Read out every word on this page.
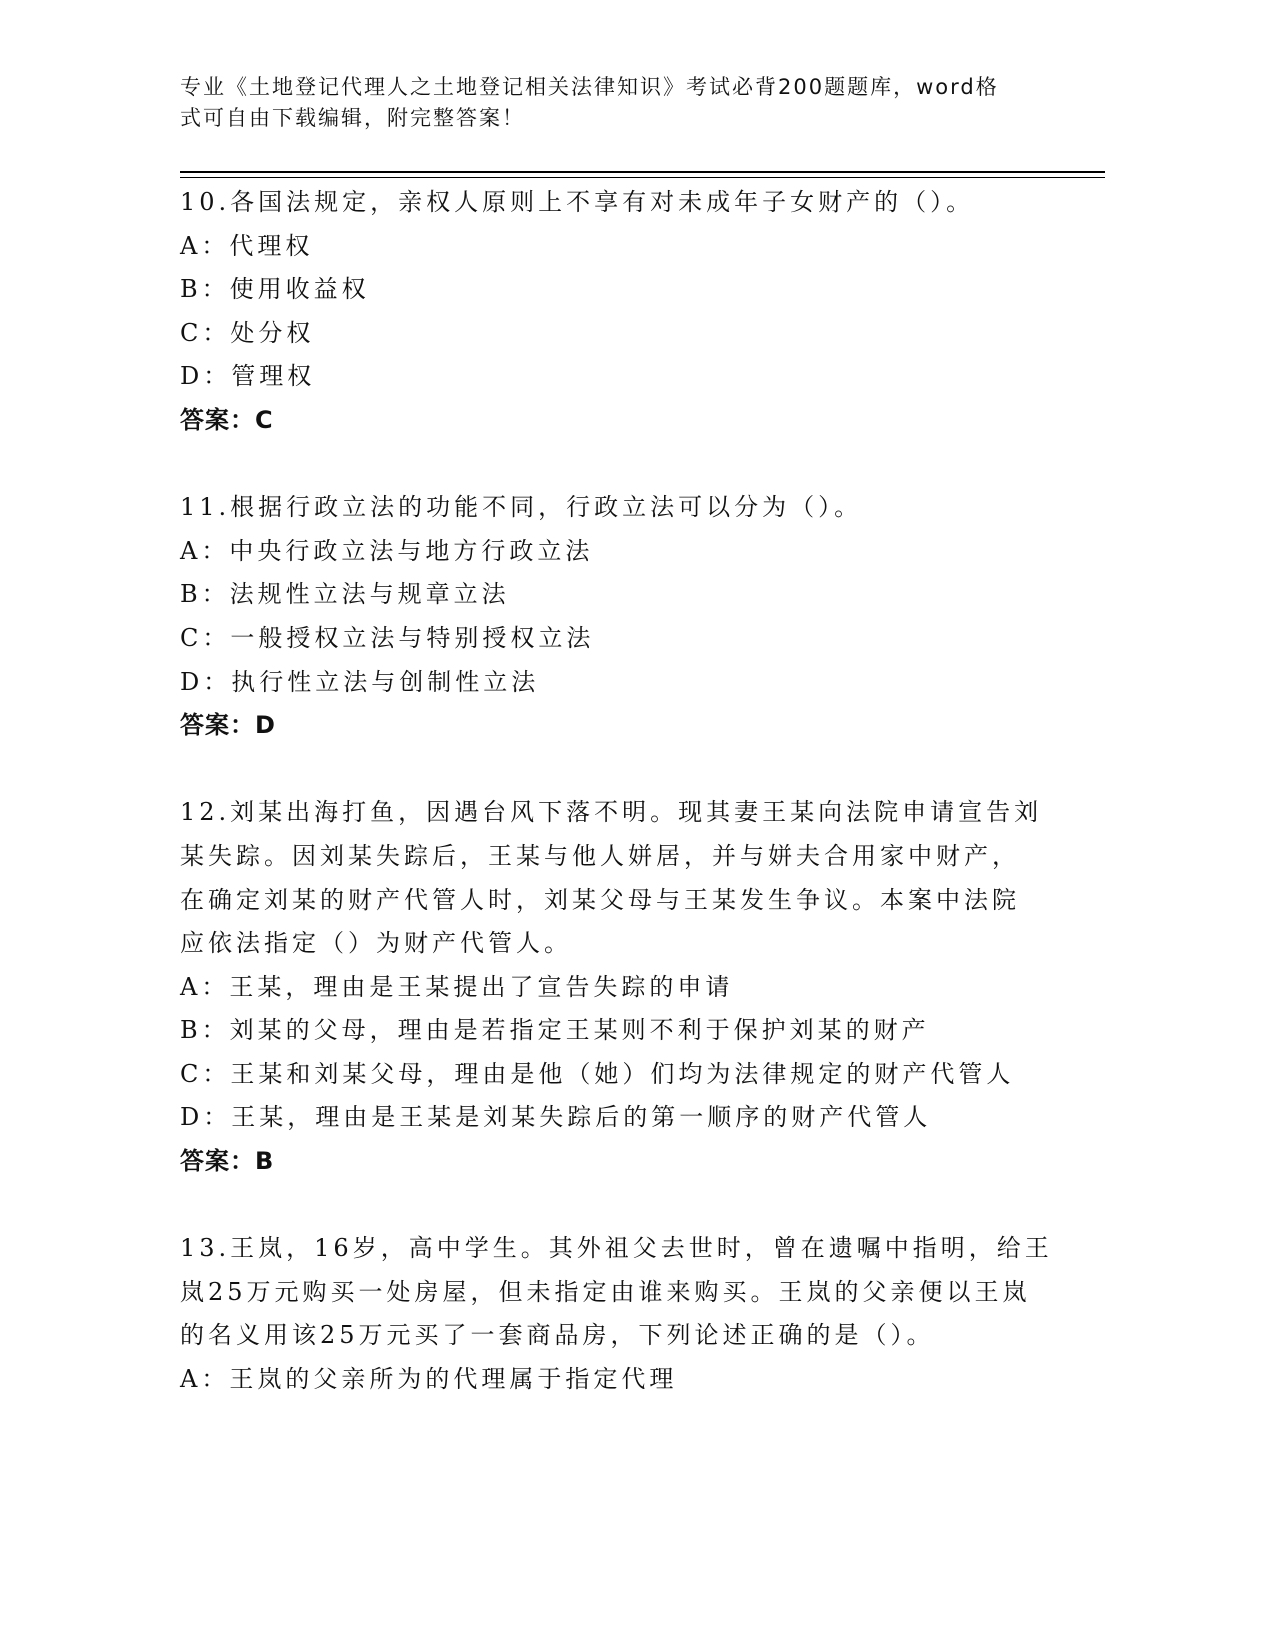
专业《土地登记代理人之土地登记相关法律知识》考试必背200题题库，word格
式可自由下载编辑，附完整答案！
10.各国法规定，亲权人原则上不享有对未成年子女财产的（）。
A：代理权
B：使用收益权
C：处分权
D：管理权
答案：C
11.根据行政立法的功能不同，行政立法可以分为（）。
A：中央行政立法与地方行政立法
B：法规性立法与规章立法
C：一般授权立法与特别授权立法
D：执行性立法与创制性立法
答案：D
12.刘某出海打鱼，因遇台风下落不明。现其妻王某向法院申请宣告刘
某失踪。因刘某失踪后，王某与他人姘居，并与姘夫合用家中财产，
在确定刘某的财产代管人时，刘某父母与王某发生争议。本案中法院
应依法指定（）为财产代管人。
A：王某，理由是王某提出了宣告失踪的申请
B：刘某的父母，理由是若指定王某则不利于保护刘某的财产
C：王某和刘某父母，理由是他（她）们均为法律规定的财产代管人
D：王某，理由是王某是刘某失踪后的第一顺序的财产代管人
答案：B
13.王岚，16岁，高中学生。其外祖父去世时，曾在遗嘱中指明，给王
岚25万元购买一处房屋，但未指定由谁来购买。王岚的父亲便以王岚
的名义用该25万元买了一套商品房，下列论述正确的是（）。
A：王岚的父亲所为的代理属于指定代理
